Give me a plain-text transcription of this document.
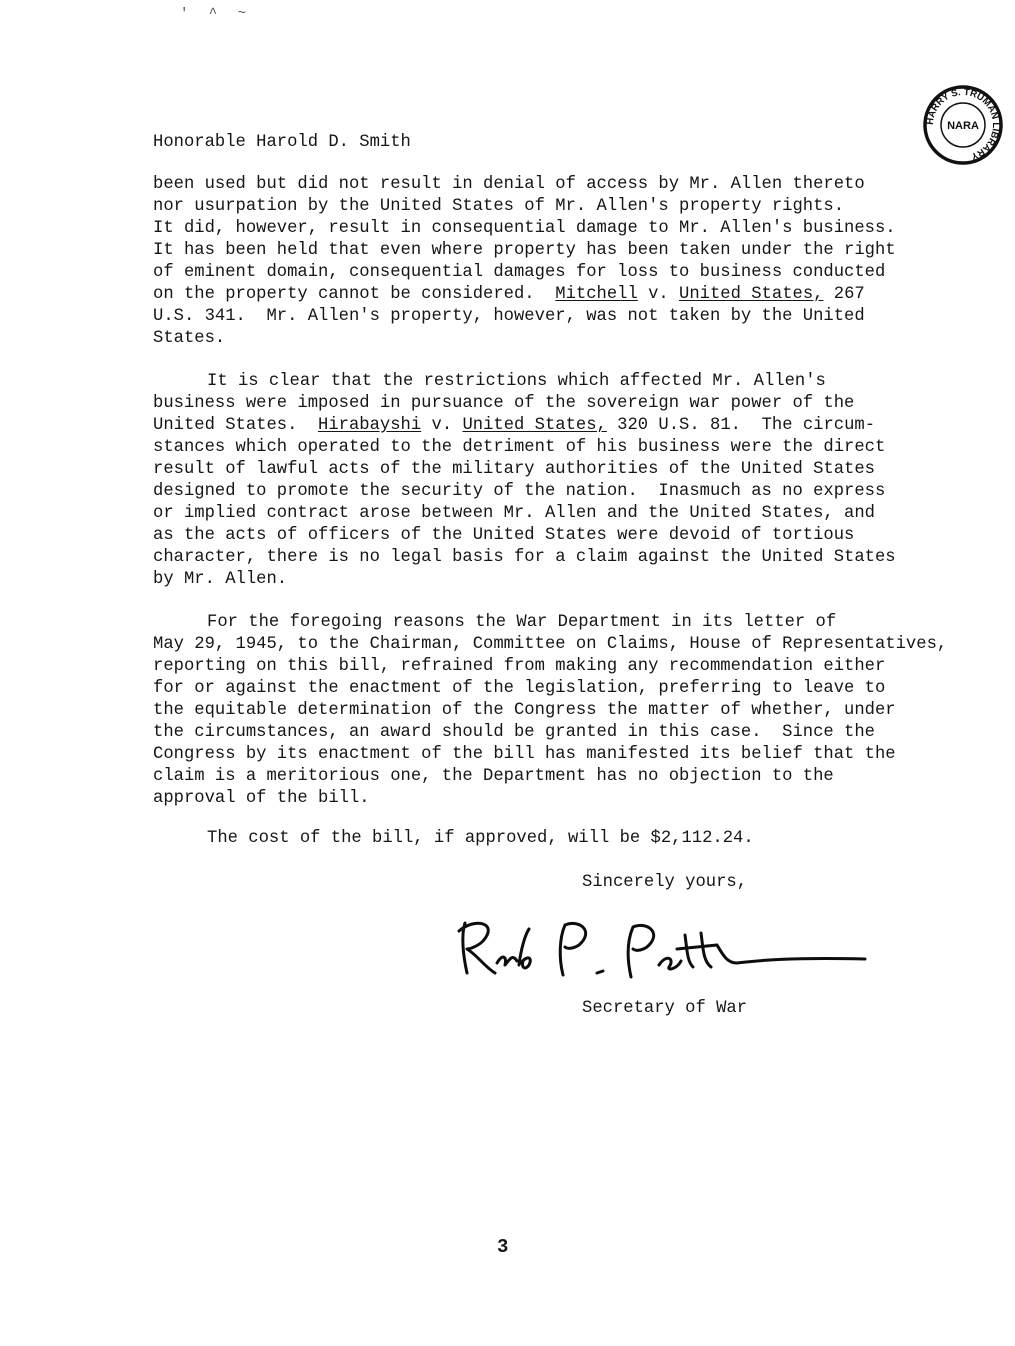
' ^ ~
HARRY S. TRUMAN LIBRARY
NARA
Honorable Harold D. Smith
been used but did not result in denial of access by Mr. Allen thereto
nor usurpation by the United States of Mr. Allen's property rights.
It did, however, result in consequential damage to Mr. Allen's business.
It has been held that even where property has been taken under the right
of eminent domain, consequential damages for loss to business conducted
on the property cannot be considered.  Mitchell v. United States, 267
U.S. 341.  Mr. Allen's property, however, was not taken by the United
States.
It is clear that the restrictions which affected Mr. Allen's
business were imposed in pursuance of the sovereign war power of the
United States.  Hirabayshi v. United States, 320 U.S. 81.  The circum-
stances which operated to the detriment of his business were the direct
result of lawful acts of the military authorities of the United States
designed to promote the security of the nation.  Inasmuch as no express
or implied contract arose between Mr. Allen and the United States, and
as the acts of officers of the United States were devoid of tortious
character, there is no legal basis for a claim against the United States
by Mr. Allen.
For the foregoing reasons the War Department in its letter of
May 29, 1945, to the Chairman, Committee on Claims, House of Representatives,
reporting on this bill, refrained from making any recommendation either
for or against the enactment of the legislation, preferring to leave to
the equitable determination of the Congress the matter of whether, under
the circumstances, an award should be granted in this case.  Since the
Congress by its enactment of the bill has manifested its belief that the
claim is a meritorious one, the Department has no objection to the
approval of the bill.
The cost of the bill, if approved, will be $2,112.24.
Sincerely yours,
Secretary of War
3
